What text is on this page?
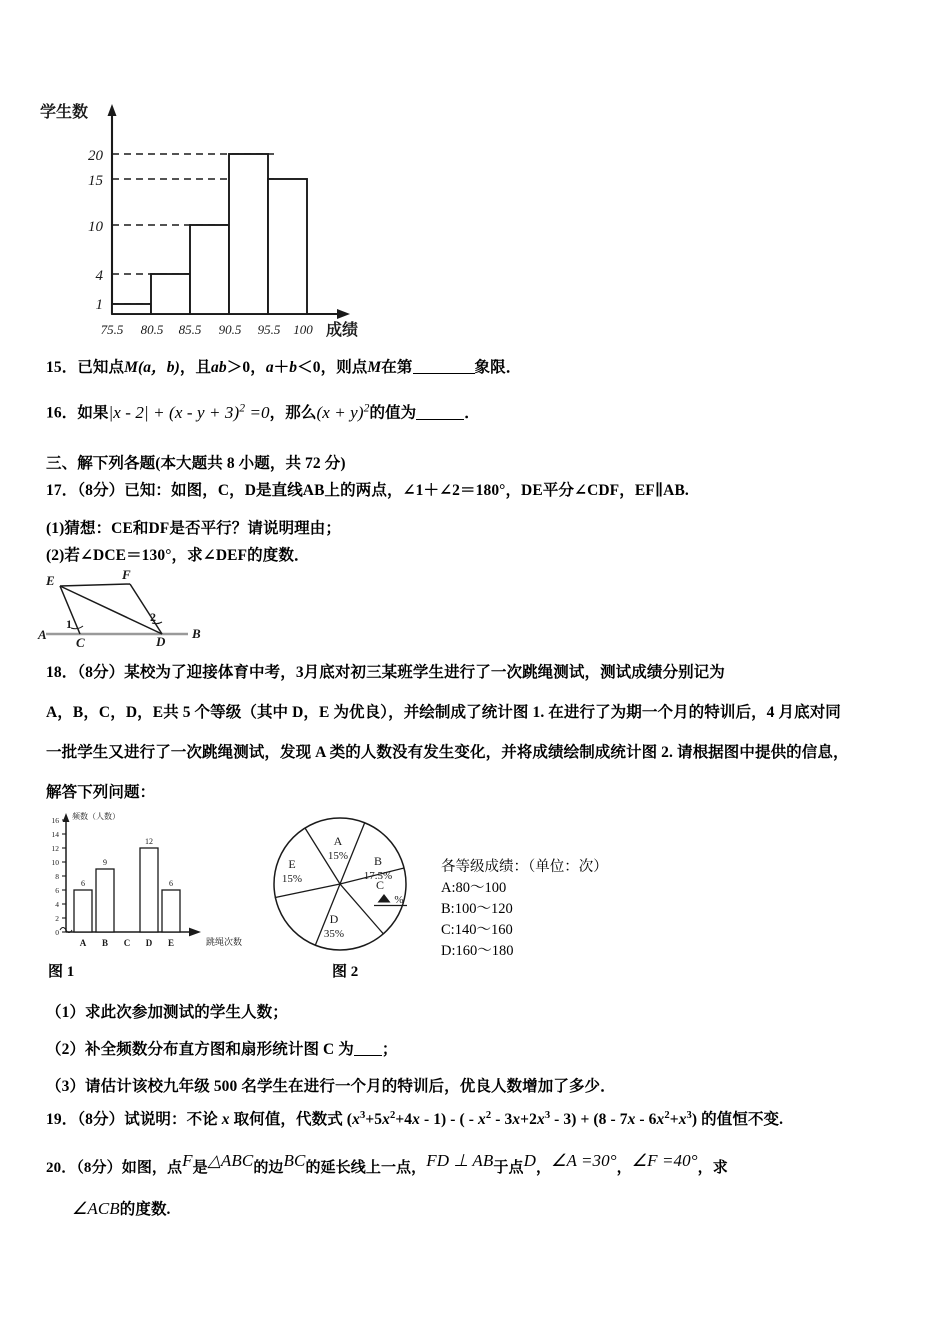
1
4
10
15
20
75.5 80.5 85.5 90.5 95.5 100
学生数
成绩
15．已知点M(a，b)，且ab＞0，a＋b＜0，则点M在第	象限．
16．如果$|x - 2| + (x - y + 3)^2 =0$，那么$(x + y)^2$的值为	．
三、解下列各题(本大题共 8 小题，共 72 分)
17．（8分）已知：如图，C，D是直线AB上的两点，∠1＋∠2＝180°，DE平分∠CDF，EF∥AB.
(1)猜想：CE和DF是否平行？请说明理由；
(2)若∠DCE＝130°，求∠DEF的度数．
E	F
A	B
C	D
1	2
18．（8分）某校为了迎接体育中考，3月底对初三某班学生进行了一次跳绳测试，测试成绩分别记为
A，B，C，D，E共 5 个等级（其中 D，E 为优良），并绘制成了统计图 1. 在进行了为期一个月的特训后，4 月底对同
一批学生又进行了一次跳绳测试，发现 A 类的人数没有发生变化，并将成绩绘制成统计图 2. 请根据图中提供的信息，
解答下列问题：
0
2
4
6
8
10
12
14
16
6
9
12
6
A B C D E
频数（人数）
跳绳次数
A
15% B
17.5%
C
D
35%
E
15%
%
各等级成绩：（单位：次）
A:80～100
B:100～120
C:140～160
D:160～180
图 1	图 2
（1）求此次参加测试的学生人数；
（2）补全频数分布直方图和扇形统计图 C 为 ；
（3）请估计该校九年级 500 名学生在进行一个月的特训后，优良人数增加了多少．
19．（8分）试说明：不论 x 取何值，代数式 $(x^3+5x^2+4x - 1)$ - ( - $x^2 - 3x+2x^3 - 3) + (8 - 7x - 6x^2+x^3)$ 的值恒不变.
20．（8分）如图，点F是△ABC的边BC的延长线上一点，FD ⊥ AB于点D，∠A =30°，∠F =40°，求
∠ACB的度数.
